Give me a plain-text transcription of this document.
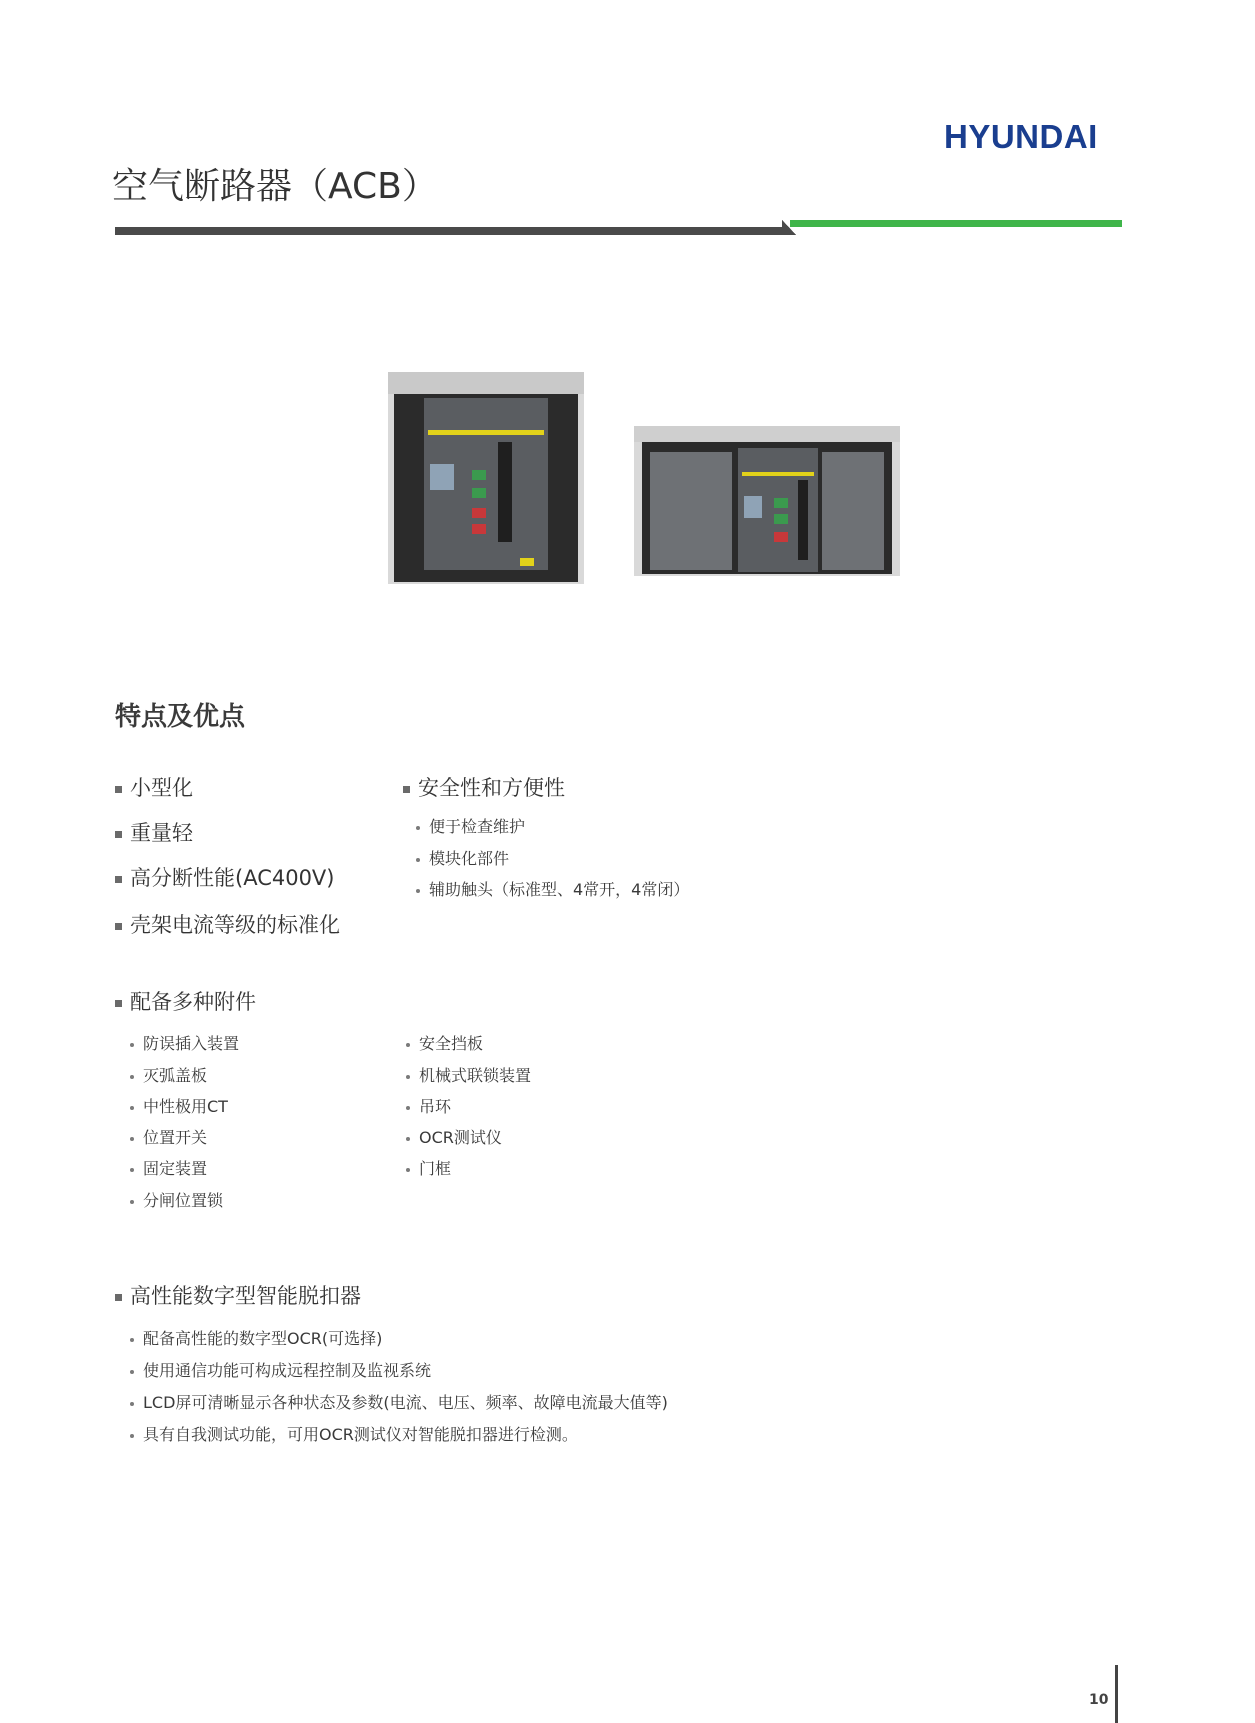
HYUNDAI
空气断路器（ACB）
特点及优点
小型化
重量轻
高分断性能(AC400V)
壳架电流等级的标准化
安全性和方便性
便于检查维护
模块化部件
辅助触头（标准型、4常开，4常闭）
配备多种附件
防误插入装置
灭弧盖板
中性极用CT
位置开关
固定装置
分闸位置锁
安全挡板
机械式联锁装置
吊环
OCR测试仪
门框
高性能数字型智能脱扣器
配备高性能的数字型OCR(可选择)
使用通信功能可构成远程控制及监视系统
LCD屏可清晰显示各种状态及参数(电流、电压、频率、故障电流最大值等)
具有自我测试功能，可用OCR测试仪对智能脱扣器进行检测。
10
